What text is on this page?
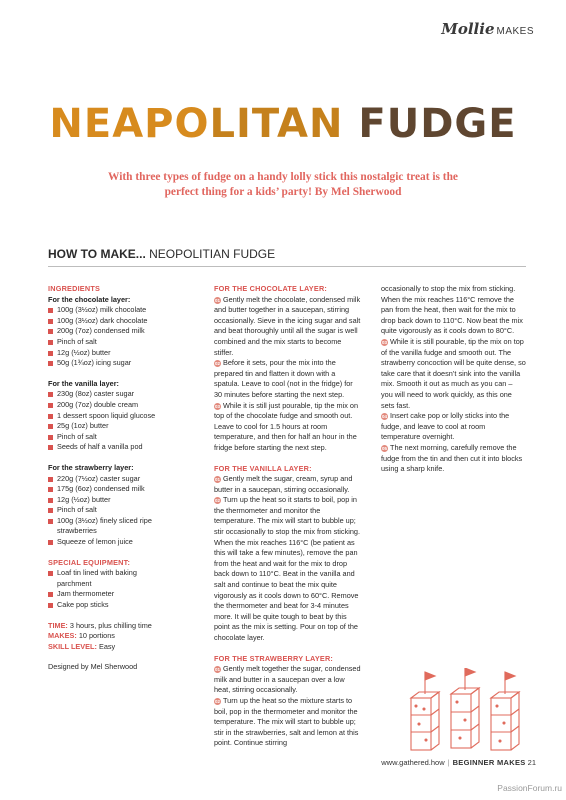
Mollie MAKES
NEAPOLITAN FUDGE

With three types of fudge on a handy lolly stick this nostalgic treat is the perfect thing for a kids’ party! By Mel Sherwood

HOW TO MAKE... NEOPOLITIAN FUDGE
INGREDIENTS
For the chocolate layer:
100g (3½oz) milk chocolate
100g (3½oz) dark chocolate
200g (7oz) condensed milk
Pinch of salt
12g (½oz) butter
50g (1¾oz) icing sugar
For the vanilla layer:
230g (8oz) caster sugar
200g (7oz) double cream
1 dessert spoon liquid glucose
25g (1oz) butter
Pinch of salt
Seeds of half a vanilla pod
For the strawberry layer:
220g (7½oz) caster sugar
175g (6oz) condensed milk
12g (½oz) butter
Pinch of salt
100g (3½oz) finely sliced ripe strawberries
Squeeze of lemon juice
SPECIAL EQUIPMENT:
Loaf tin lined with baking parchment
Jam thermometer
Cake pop sticks
TIME: 3 hours, plus chilling time
MAKES: 10 portions
SKILL LEVEL: Easy
Designed by Mel Sherwood
FOR THE CHOCOLATE LAYER:

01 Gently melt the chocolate, condensed milk and butter together in a saucepan, stirring occasionally. Sieve in the icing sugar and salt and beat thoroughly until all the sugar is well combined and the mix starts to become stiffer.

02 Before it sets, pour the mix into the prepared tin and flatten it down with a spatula. Leave to cool (not in the fridge) for 30 minutes before starting the next step.

03 While it is still just pourable, tip the mix on top of the chocolate fudge and smooth out. Leave to cool for 1.5 hours at room temperature, and then for half an hour in the fridge before starting the next step.

FOR THE VANILLA LAYER:

01 Gently melt the sugar, cream, syrup and butter in a saucepan, stirring occasionally.

02 Turn up the heat so it starts to boil, pop in the thermometer and monitor the temperature. The mix will start to bubble up; stir occasionally to stop the mix from sticking. When the mix reaches 116°C (be patient as this will take a few minutes), remove the pan from the heat and wait for the mix to drop back down to 110°C. Beat in the vanilla and salt and continue to beat the mix quite vigorously as it cools down to 60°C. Remove the thermometer and beat for 3-4 minutes more. It will be quite tough to beat by this point as the mix is setting. Pour on top of the chocolate layer.

FOR THE STRAWBERRY LAYER:

01 Gently melt together the sugar, condensed milk and butter in a saucepan over a low heat, stirring occasionally.

02 Turn up the heat so the mixture starts to boil, pop in the thermometer and monitor the temperature. The mix will start to bubble up; stir in the strawberries, salt and lemon at this point. Continue stirring

occasionally to stop the mix from sticking. When the mix reaches 116°C remove the pan from the heat, then wait for the mix to drop back down to 110°C. Now beat the mix quite vigorously as it cools down to 80°C.

03 While it is still pourable, tip the mix on top of the vanilla fudge and smooth out. The strawberry concoction will be quite dense, so take care that it doesn’t sink into the vanilla mix. Smooth it out as much as you can – you will need to work quickly, as this one sets fast.

04 Insert cake pop or lolly sticks into the fudge, and leave to cool at room temperature overnight.

05 The next morning, carefully remove the fudge from the tin and then cut it into blocks using a sharp knife.

www.gathered.how | BEGINNER MAKES 21
PassionForum.ru
